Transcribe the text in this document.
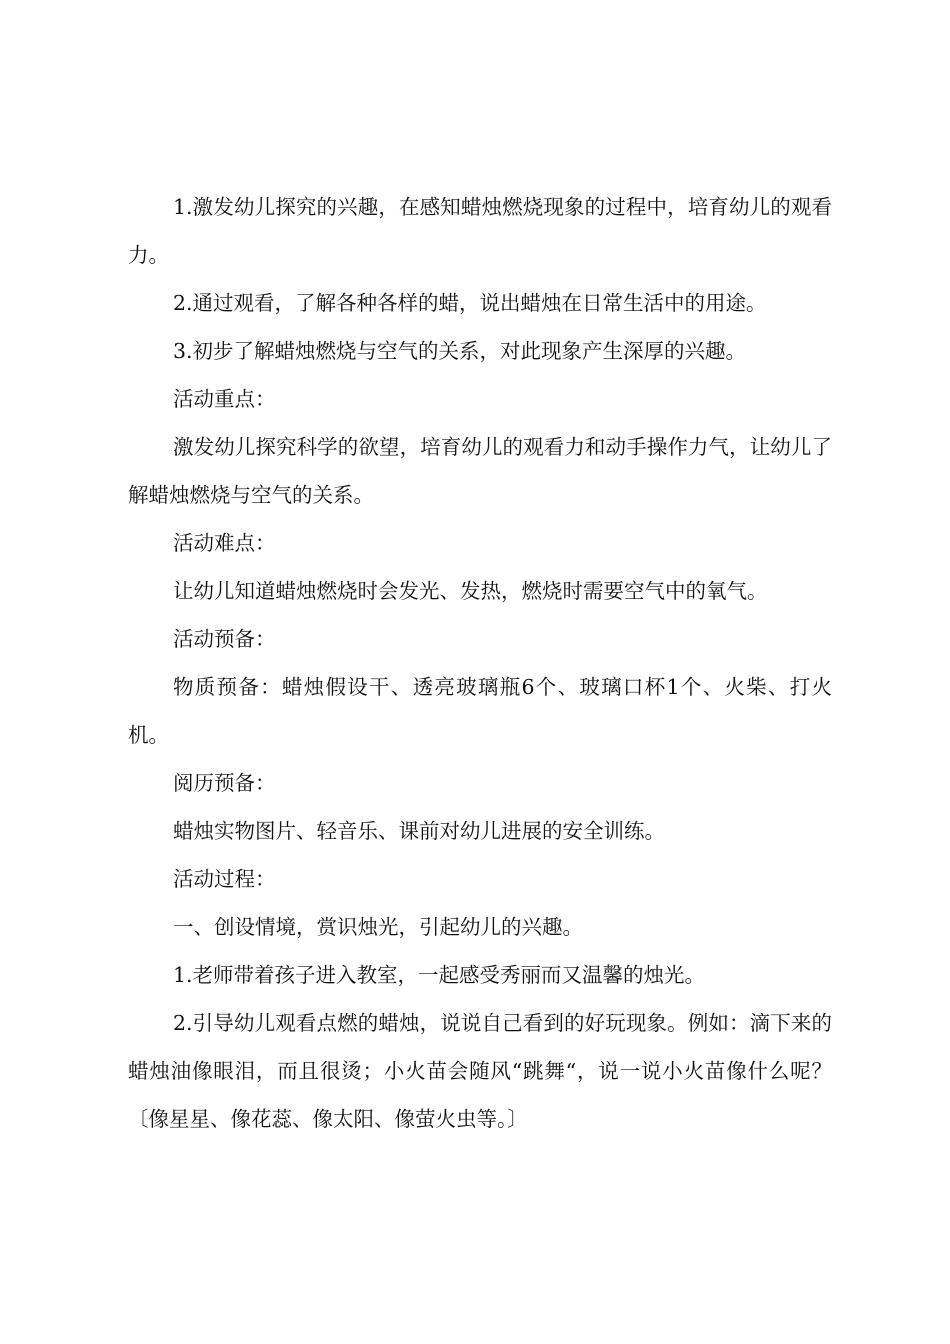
1.激发幼儿探究的兴趣，在感知蜡烛燃烧现象的过程中，培育幼儿的观看力。

2.通过观看，了解各种各样的蜡，说出蜡烛在日常生活中的用途。

3.初步了解蜡烛燃烧与空气的关系，对此现象产生深厚的兴趣。

活动重点：

激发幼儿探究科学的欲望，培育幼儿的观看力和动手操作力气，让幼儿了解蜡烛燃烧与空气的关系。

活动难点：

让幼儿知道蜡烛燃烧时会发光、发热，燃烧时需要空气中的氧气。

活动预备：

物质预备：蜡烛假设干、透亮玻璃瓶6个、玻璃口杯1个、火柴、打火机。

阅历预备：

蜡烛实物图片、轻音乐、课前对幼儿进展的安全训练。

活动过程：

一、创设情境，赏识烛光，引起幼儿的兴趣。

1.老师带着孩子进入教室，一起感受秀丽而又温馨的烛光。

2.引导幼儿观看点燃的蜡烛，说说自己看到的好玩现象。例如：滴下来的蜡烛油像眼泪，而且很烫；小火苗会随风“跳舞“，说一说小火苗像什么呢？〔像星星、像花蕊、像太阳、像萤火虫等。〕
